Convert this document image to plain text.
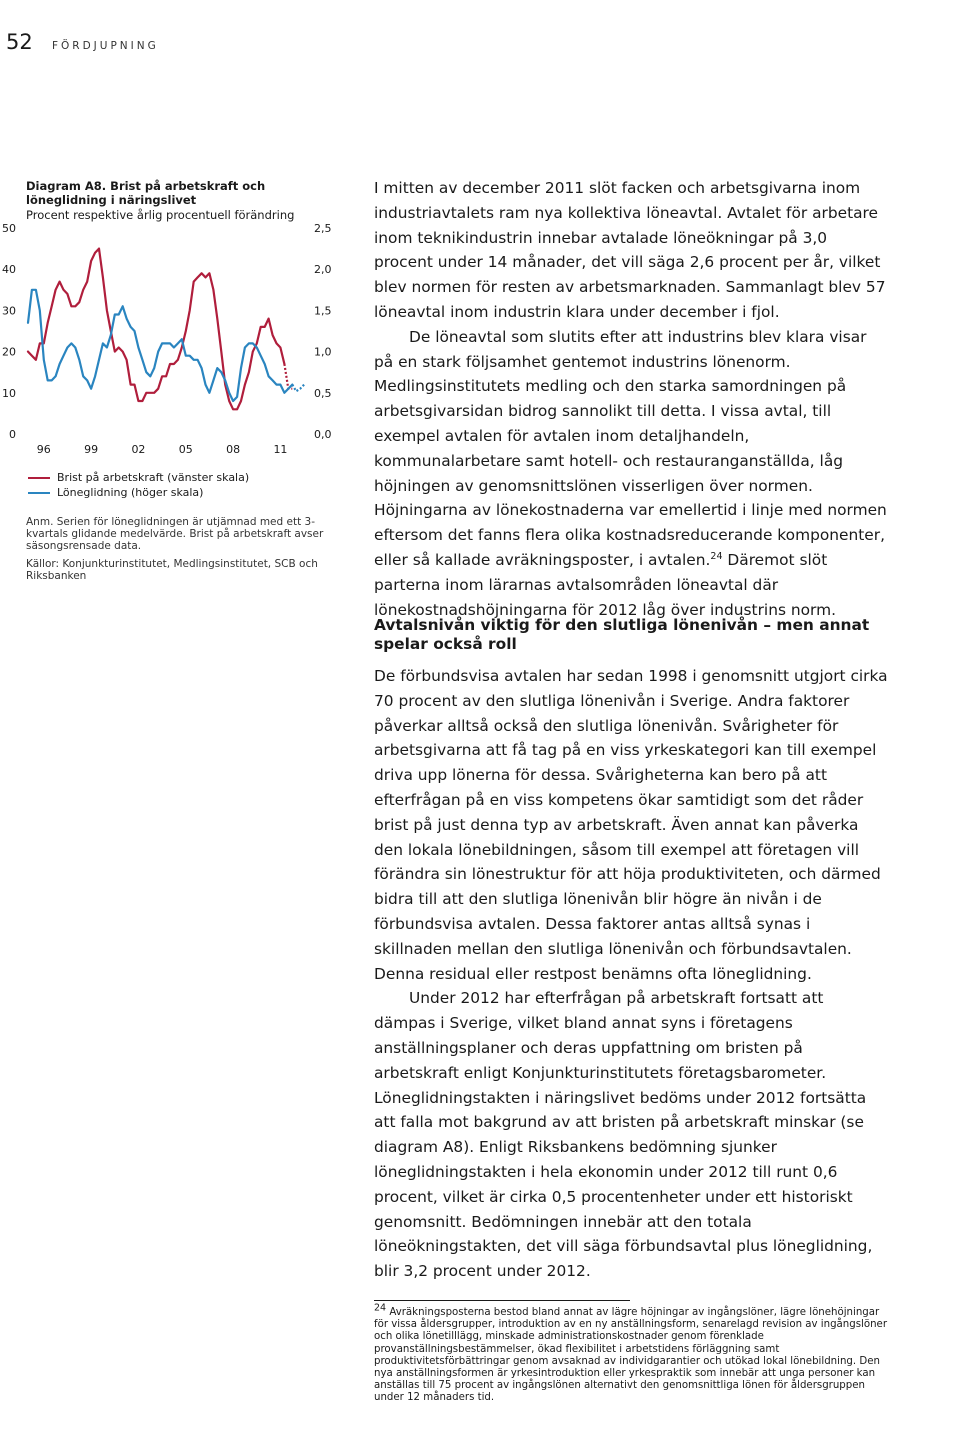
52 FÖRDJUPNING
Diagram A8. Brist på arbetskraft och löneglidning i näringslivet
Procent respektive årlig procentuell förändring
0
10
20
30
40
50
0,0
0,5
1,0
1,5
2,0
2,5
96	99	02	05	08	11
Brist på arbetskraft (vänster skala)
Löneglidning (höger skala)
Anm. Serien för löneglidningen är utjämnad med ett 3-kvartals glidande medelvärde. Brist på arbetskraft avser säsongsrensade data.
Källor: Konjunkturinstitutet, Medlingsinstitutet, SCB och Riksbanken

I mitten av december 2011 slöt facken och arbetsgivarna inom industriavtalets ram nya kollektiva löneavtal. Avtalet för arbetare inom teknikindustrin innebar avtalade löneökningar på 3,0 procent under 14 månader, det vill säga 2,6 procent per år, vilket blev normen för resten av arbetsmarknaden. Sammanlagt blev 57 löneavtal inom industrin klara under december i fjol.

De löneavtal som slutits efter att industrins blev klara visar på en stark följsamhet gentemot industrins lönenorm. Medlingsinstitutets medling och den starka samordningen på arbetsgivarsidan bidrog sannolikt till detta. I vissa avtal, till exempel avtalen för avtalen inom detaljhandeln, kommunalarbetare samt hotell- och restauranganställda, låg höjningen av genomsnittslönen visserligen över normen. Höjningarna av lönekostnaderna var emellertid i linje med normen eftersom det fanns flera olika kostnadsreducerande komponenter, eller så kallade avräkningsposter, i avtalen.$^{24}$ Däremot slöt parterna inom lärarnas avtalsområden löneavtal där lönekostnadshöjningarna för 2012 låg över industrins norm.

Avtalsnivån viktig för den slutliga lönenivån – men annat spelar också roll

De förbundsvisa avtalen har sedan 1998 i genomsnitt utgjort cirka 70 procent av den slutliga lönenivån i Sverige. Andra faktorer påverkar alltså också den slutliga lönenivån. Svårigheter för arbetsgivarna att få tag på en viss yrkeskategori kan till exempel driva upp lönerna för dessa. Svårigheterna kan bero på att efterfrågan på en viss kompetens ökar samtidigt som det råder brist på just denna typ av arbetskraft. Även annat kan påverka den lokala lönebildningen, såsom till exempel att företagen vill förändra sin lönestruktur för att höja produktiviteten, och därmed bidra till att den slutliga lönenivån blir högre än nivån i de förbundsvisa avtalen. Dessa faktorer antas alltså synas i skillnaden mellan den slutliga lönenivån och förbundsavtalen. Denna residual eller restpost benämns ofta löneglidning.

Under 2012 har efterfrågan på arbetskraft fortsatt att dämpas i Sverige, vilket bland annat syns i företagens anställningsplaner och deras uppfattning om bristen på arbetskraft enligt Konjunkturinstitutets företagsbarometer. Löneglidningstakten i näringslivet bedöms under 2012 fortsätta att falla mot bakgrund av att bristen på arbetskraft minskar (se diagram A8). Enligt Riksbankens bedömning sjunker löneglidningstakten i hela ekonomin under 2012 till runt 0,6 procent, vilket är cirka 0,5 procentenheter under ett historiskt genomsnitt. Bedömningen innebär att den totala löneökningstakten, det vill säga förbundsavtal plus löneglidning, blir 3,2 procent under 2012.

$^{24}$ Avräkningsposterna bestod bland annat av lägre höjningar av ingångslöner, lägre lönehöjningar för vissa åldersgrupper, introduktion av en ny anställningsform, senarelagd revision av ingångslöner och olika lönetilllägg, minskade administrationskostnader genom förenklade provanställningsbestämmelser, ökad flexibilitet i arbetstidens förläggning samt produktivitetsförbättringar genom avsaknad av individgarantier och utökad lokal lönebildning. Den nya anställningsformen är yrkesintroduktion eller yrkespraktik som innebär att unga personer kan anställas till 75 procent av ingångslönen alternativt den genomsnittliga lönen för åldersgruppen under 12 månaders tid.
